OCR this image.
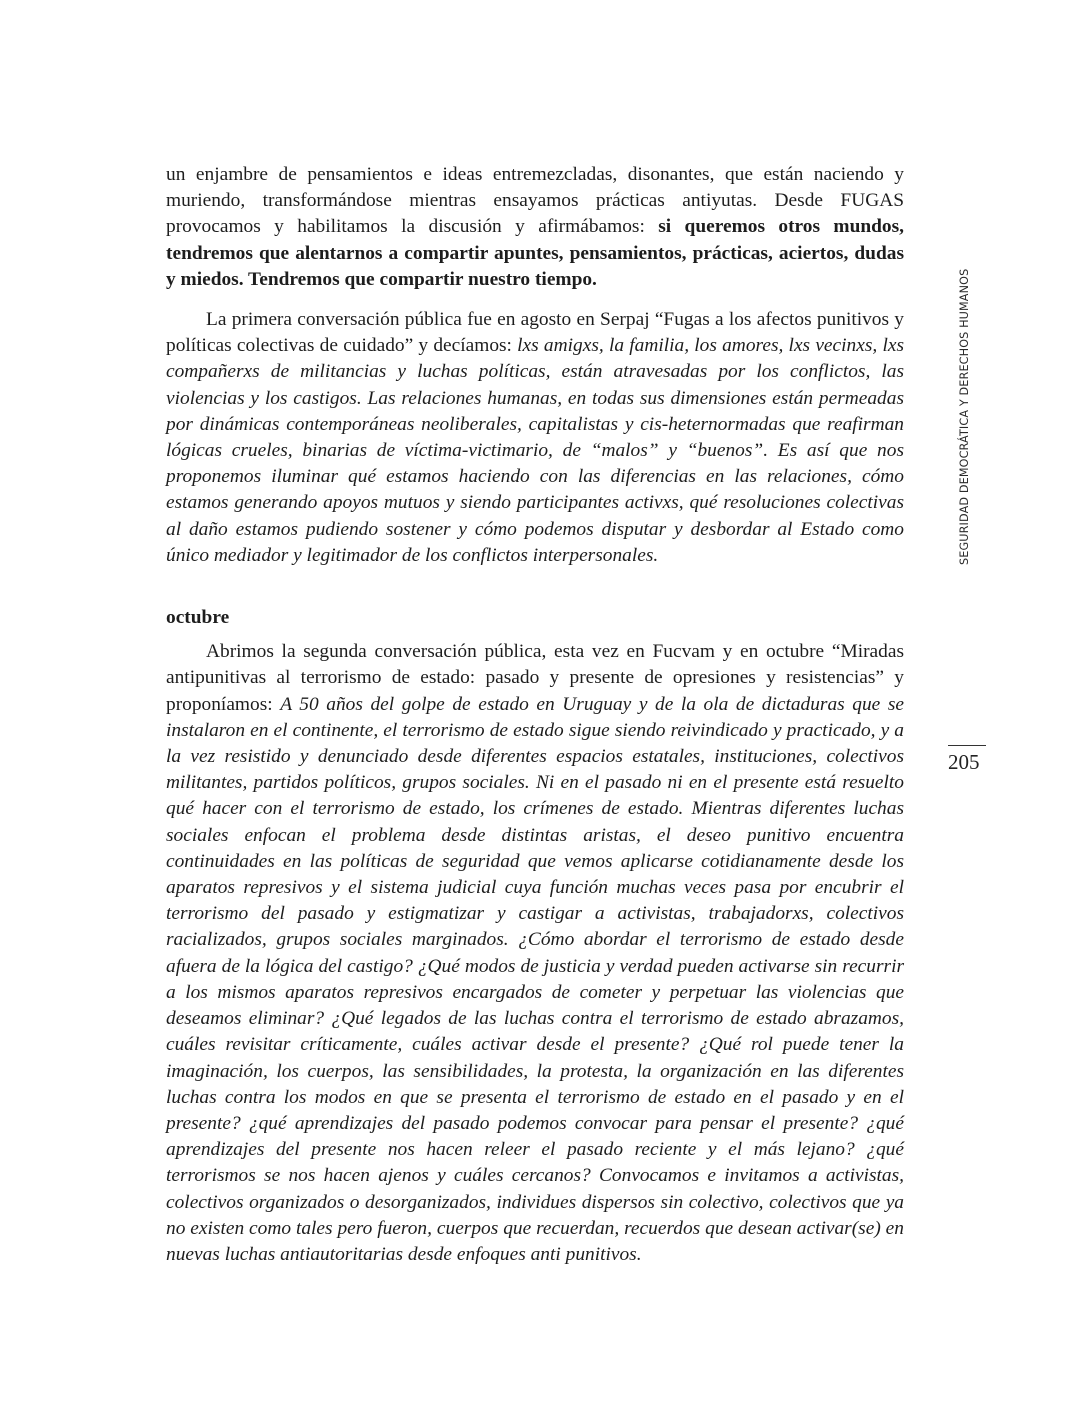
un enjambre de pensamientos e ideas entremezcladas, disonantes, que están naciendo y muriendo, transformándose mientras ensayamos prácticas antiyutas. Desde FUGAS provocamos y habilitamos la discusión y afirmábamos: si queremos otros mundos, tendremos que alentarnos a compartir apuntes, pensamientos, prácticas, aciertos, dudas y miedos. Tendremos que compartir nuestro tiempo.

La primera conversación pública fue en agosto en Serpaj “Fugas a los afectos punitivos y políticas colectivas de cuidado” y decíamos: lxs amigxs, la familia, los amores, lxs vecinxs, lxs compañerxs de militancias y luchas políticas, están atravesadas por los conflictos, las violencias y los castigos. Las relaciones humanas, en todas sus dimensiones están permeadas por dinámicas contemporáneas neoliberales, capitalistas y cis-heternormadas que reafirman lógicas crueles, binarias de víctima-victimario, de “malos” y “buenos”. Es así que nos proponemos iluminar qué estamos haciendo con las diferencias en las relaciones, cómo estamos generando apoyos mutuos y siendo participantes activxs, qué resoluciones colectivas al daño estamos pudiendo sostener y cómo podemos disputar y desbordar al Estado como único mediador y legitimador de los conflictos interpersonales.

octubre

Abrimos la segunda conversación pública, esta vez en Fucvam y en octubre “Miradas antipunitivas al terrorismo de estado: pasado y presente de opresiones y resistencias” y proponíamos: A 50 años del golpe de estado en Uruguay y de la ola de dictaduras que se instalaron en el continente, el terrorismo de estado sigue siendo reivindicado y practicado, y a la vez resistido y denunciado desde diferentes espacios estatales, instituciones, colectivos militantes, partidos políticos, grupos sociales. Ni en el pasado ni en el presente está resuelto qué hacer con el terrorismo de estado, los crímenes de estado. Mientras diferentes luchas sociales enfocan el problema desde distintas aristas, el deseo punitivo encuentra continuidades en las políticas de seguridad que vemos aplicarse cotidianamente desde los aparatos represivos y el sistema judicial cuya función muchas veces pasa por encubrir el terrorismo del pasado y estigmatizar y castigar a activistas, trabajadorxs, colectivos racializados, grupos sociales marginados. ¿Cómo abordar el terrorismo de estado desde afuera de la lógica del castigo? ¿Qué modos de justicia y verdad pueden activarse sin recurrir a los mismos aparatos represivos encargados de cometer y perpetuar las violencias que deseamos eliminar? ¿Qué legados de las luchas contra el terrorismo de estado abrazamos, cuáles revisitar críticamente, cuáles activar desde el presente? ¿Qué rol puede tener la imaginación, los cuerpos, las sensibilidades, la protesta, la organización en las diferentes luchas contra los modos en que se presenta el terrorismo de estado en el pasado y en el presente? ¿qué aprendizajes del pasado podemos convocar para pensar el presente? ¿qué aprendizajes del presente nos hacen releer el pasado reciente y el más lejano? ¿qué terrorismos se nos hacen ajenos y cuáles cercanos? Convocamos e invitamos a activistas, colectivos organizados o desorganizados, individues dispersos sin colectivo, colectivos que ya no existen como tales pero fueron, cuerpos que recuerdan, recuerdos que desean activar(se) en nuevas luchas antiautoritarias desde enfoques anti punitivos.

SEGURIDAD DEMOCRÁTICA Y DERECHOS HUMANOS
205
